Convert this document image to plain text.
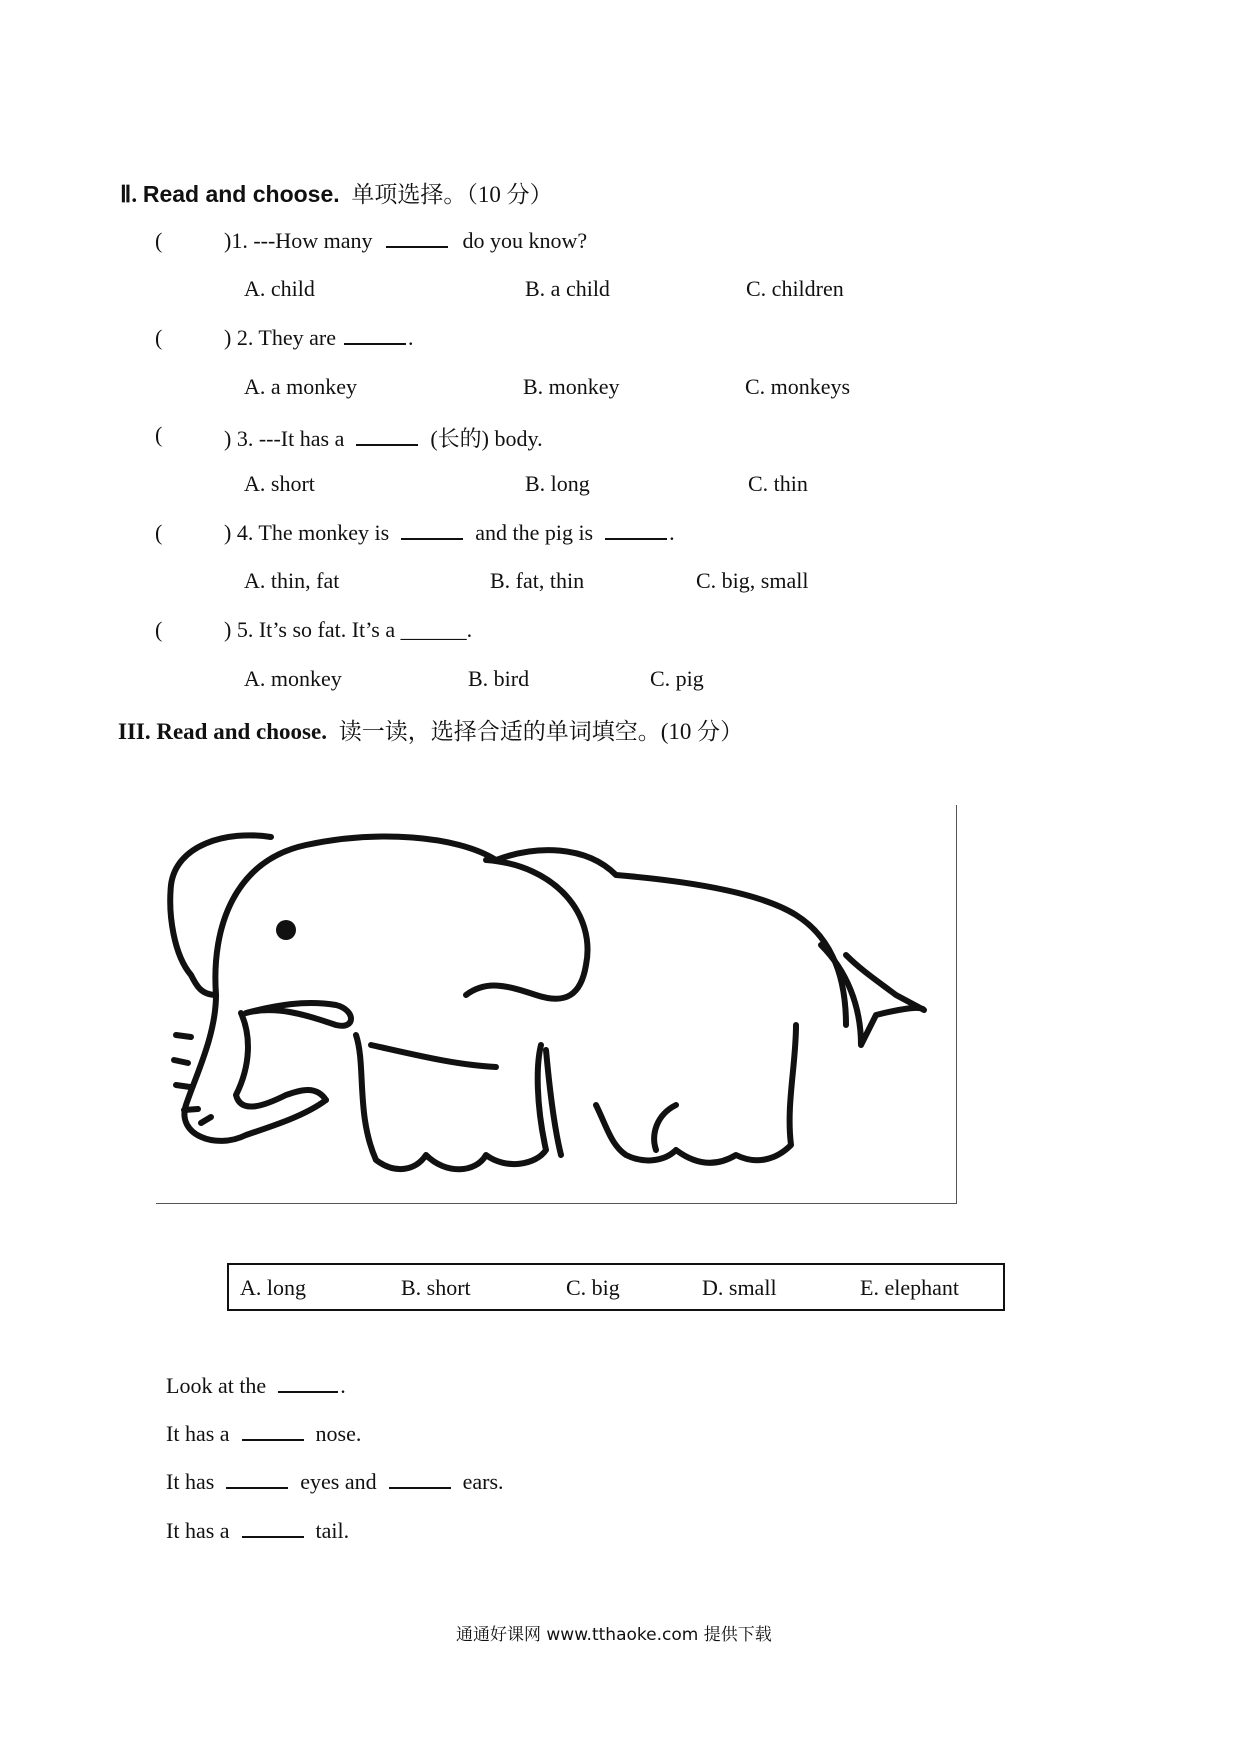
Ⅱ. Read and choose. 单项选择。（10 分）
(	)1. ---How many	do you know?
A. child	B. a child	C. children
(	) 2. They are	.
A. a monkey	B. monkey	C. monkeys
(	) 3. ---It has a	(长的) body.
A. short	B. long	C. thin
(	) 4. The monkey is	and the pig is	.
A. thin, fat	B. fat, thin	C. big, small
(	) 5. It’s so fat. It’s a ______.
A. monkey	B. bird	C. pig
III. Read and choose. 读一读，选择合适的单词填空。(10 分）
A. long	B. short	C. big	D. small	E. elephant
Look at the	.
It has a	nose.
It has	eyes and	ears.
It has a	tail.
通通好课网 www.tthaoke.com 提供下载
